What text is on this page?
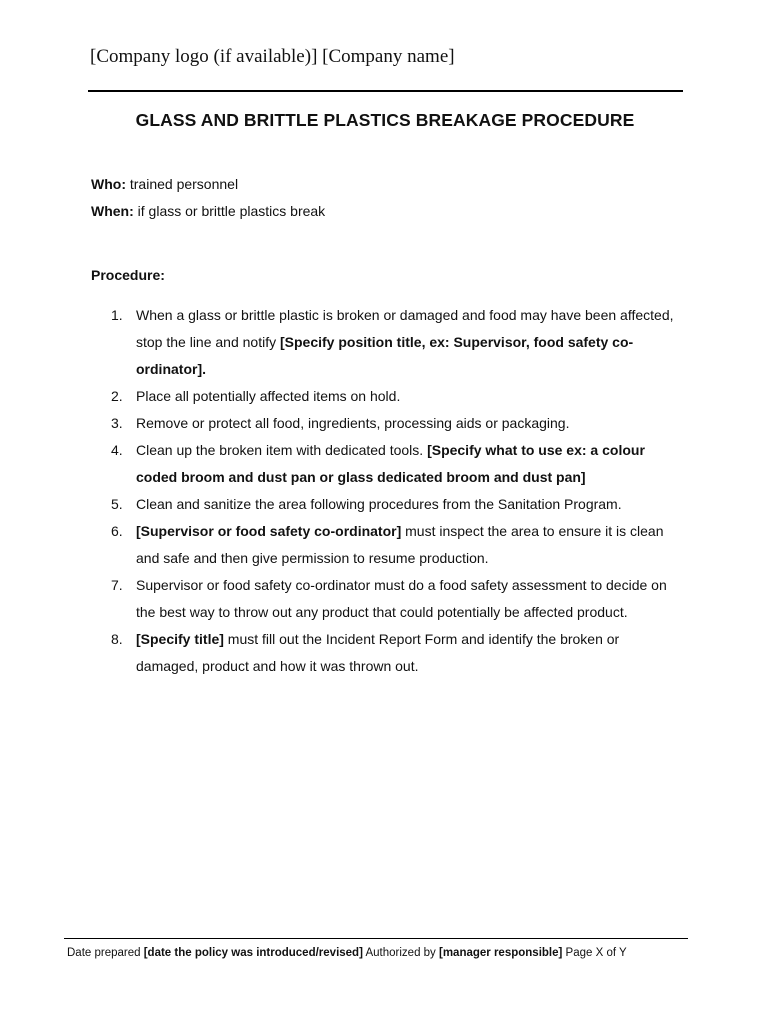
[Company logo (if available)] [Company name]
GLASS AND BRITTLE PLASTICS BREAKAGE PROCEDURE
Who: trained personnel
When: if glass or brittle plastics break
Procedure:
1. When a glass or brittle plastic is broken or damaged and food may have been affected, stop the line and notify [Specify position title, ex: Supervisor, food safety co-ordinator].
2. Place all potentially affected items on hold.
3. Remove or protect all food, ingredients, processing aids or packaging.
4. Clean up the broken item with dedicated tools. [Specify what to use ex: a colour coded broom and dust pan or glass dedicated broom and dust pan]
5. Clean and sanitize the area following procedures from the Sanitation Program.
6. [Supervisor or food safety co-ordinator] must inspect the area to ensure it is clean and safe and then give permission to resume production.
7. Supervisor or food safety co-ordinator must do a food safety assessment to decide on the best way to throw out any product that could potentially be affected product.
8. [Specify title] must fill out the Incident Report Form and identify the broken or damaged, product and how it was thrown out.
Date prepared [date the policy was introduced/revised] Authorized by [manager responsible] Page X of Y
